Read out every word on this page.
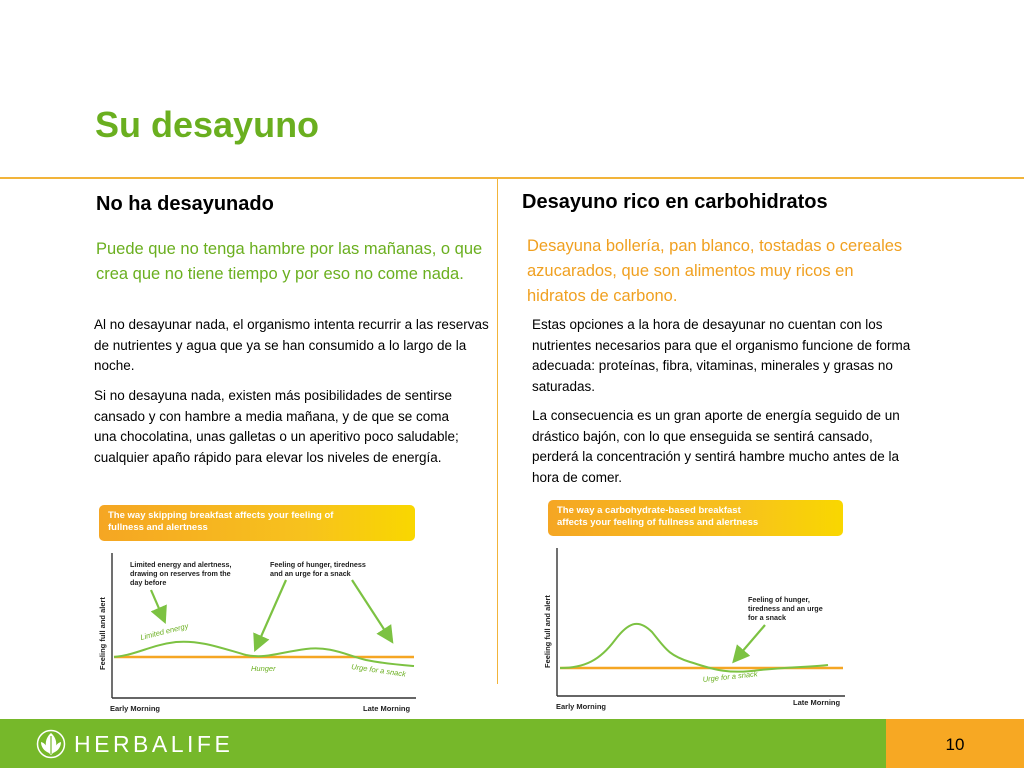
Su desayuno
No ha desayunado
Puede que no tenga hambre por las mañanas, o que crea que no tiene tiempo y por eso no come nada.
Al no desayunar nada, el organismo intenta recurrir a las reservas de nutrientes y agua que ya se han consumido a lo largo de la noche.
Si no desayuna nada, existen más posibilidades de sentirse cansado y con hambre a media mañana, y de que se coma una chocolatina, unas galletas o un aperitivo poco saludable; cualquier apaño rápido para elevar los niveles de energía.
The way skipping breakfast affects your feeling of
fullness and alertness
Feeling full and alert
Early Morning	Late Morning
Limited energy and alertness, drawing on reserves from the day before
Feeling of hunger, tiredness and an urge for a snack
Limited energy
Hunger	Urge for a snack
Desayuno rico en carbohidratos
Desayuna bollería, pan blanco, tostadas o cereales azucarados, que son alimentos muy ricos en hidratos de carbono.
Estas opciones a la hora de desayunar no cuentan con los nutrientes necesarios para que el organismo funcione de forma adecuada: proteínas, fibra, vitaminas, minerales y grasas no saturadas.
La consecuencia es un gran aporte de energía seguido de un drástico bajón, con lo que enseguida se sentirá cansado, perderá la concentración y sentirá hambre mucho antes de la hora de comer.
The way a carbohydrate-based breakfast
affects your feeling of fullness and alertness
Feeling full and alert
Early Morning	Late Morning
Feeling of hunger, tiredness and an urge for a snack
Urge for a snack
HERBALIFE	10
